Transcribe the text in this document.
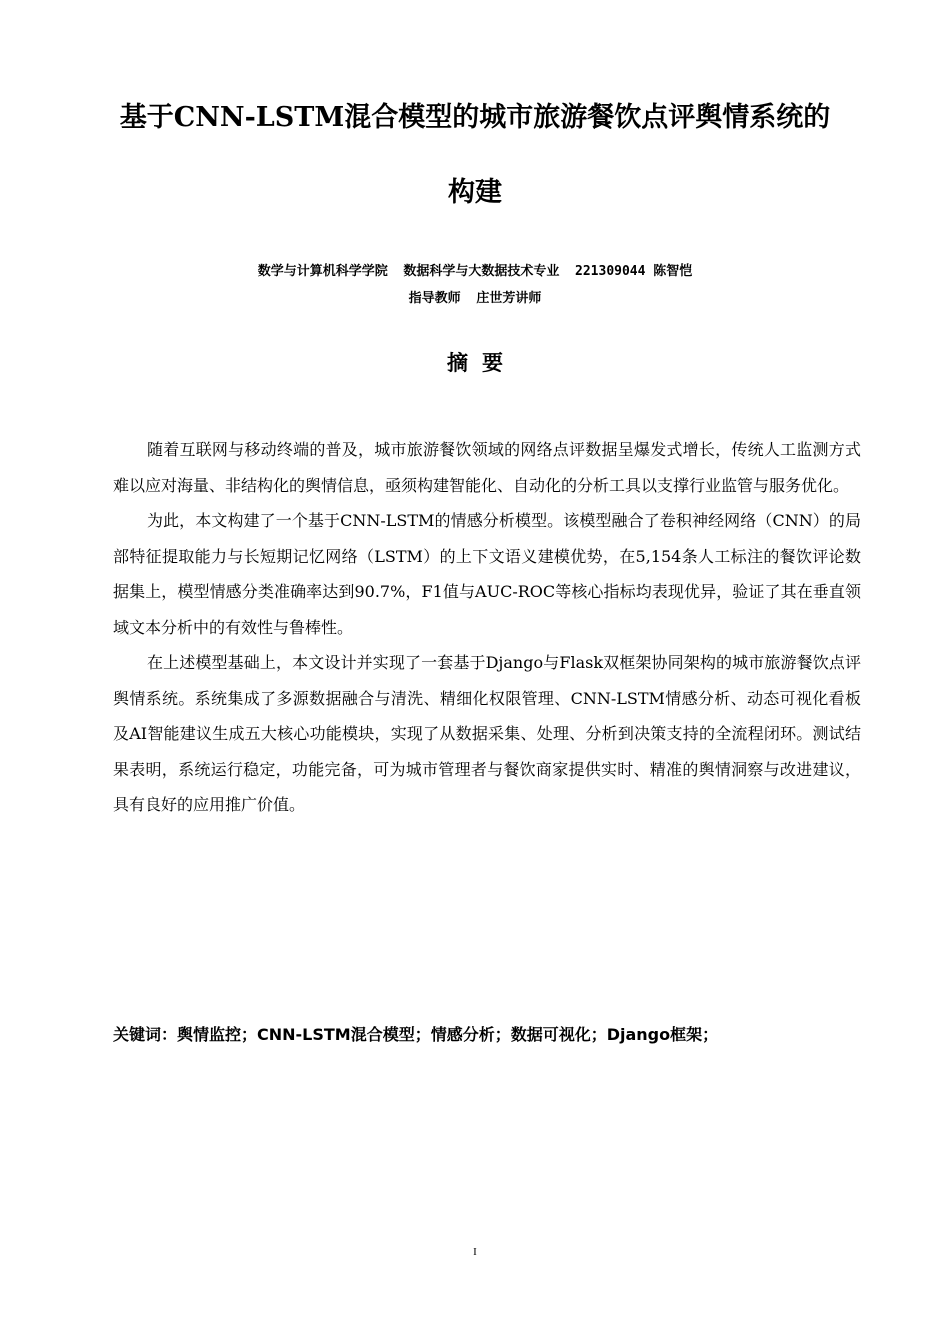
基于CNN-LSTM混合模型的城市旅游餐饮点评舆情系统的
构建
数学与计算机科学学院  数据科学与大数据技术专业  221309044 陈智恺
指导教师  庄世芳讲师
摘要

随着互联网与移动终端的普及，城市旅游餐饮领域的网络点评数据呈爆发式增长，传统人工监测方式难以应对海量、非结构化的舆情信息，亟须构建智能化、自动化的分析工具以支撑行业监管与服务优化。

为此，本文构建了一个基于CNN-LSTM的情感分析模型。该模型融合了卷积神经网络（CNN）的局部特征提取能力与长短期记忆网络（LSTM）的上下文语义建模优势，在5,154条人工标注的餐饮评论数据集上，模型情感分类准确率达到90.7%，F1值与AUC-ROC等核心指标均表现优异，验证了其在垂直领域文本分析中的有效性与鲁棒性。

在上述模型基础上，本文设计并实现了一套基于Django与Flask双框架协同架构的城市旅游餐饮点评舆情系统。系统集成了多源数据融合与清洗、精细化权限管理、CNN-LSTM情感分析、动态可视化看板及AI智能建议生成五大核心功能模块，实现了从数据采集、处理、分析到决策支持的全流程闭环。测试结果表明，系统运行稳定，功能完备，可为城市管理者与餐饮商家提供实时、精准的舆情洞察与改进建议，具有良好的应用推广价值。

关键词：舆情监控；CNN-LSTM混合模型；情感分析；数据可视化；Django框架；
I
